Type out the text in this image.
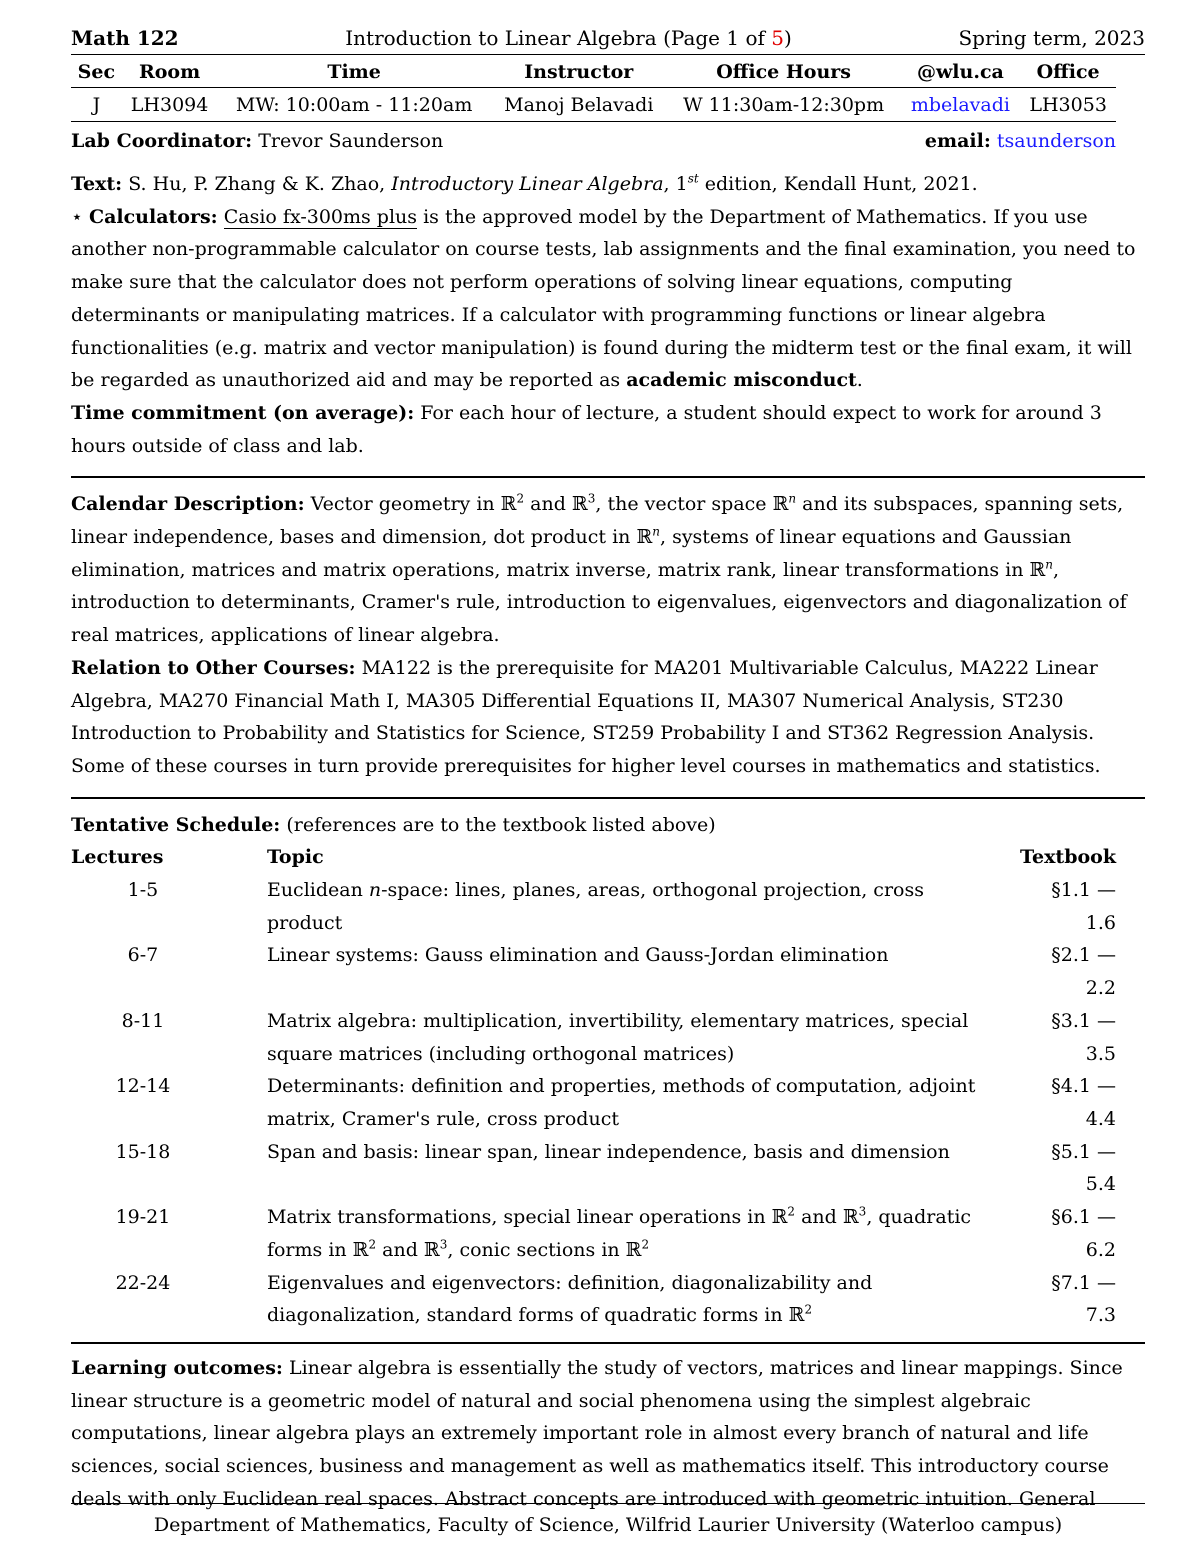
Math 122	Introduction to Linear Algebra (Page 1 of 5)	Spring term, 2023
Sec	Room	Time	Instructor	Office Hours	@wlu.ca	Office
J	LH3094	MW: 10:00am - 11:20am	Manoj Belavadi	W 11:30am-12:30pm	mbelavadi	LH3053
Lab Coordinator: Trevor Saunderson	email: tsaunderson
Text: S. Hu, P. Zhang & K. Zhao, Introductory Linear Algebra, 1st edition, Kendall Hunt, 2021.
⋆ Calculators: Casio fx-300ms plus is the approved model by the Department of Mathematics. If you use another non-programmable calculator on course tests, lab assignments and the final examination, you need to make sure that the calculator does not perform operations of solving linear equations, computing determinants or manipulating matrices. If a calculator with programming functions or linear algebra functionalities (e.g. matrix and vector manipulation) is found during the midterm test or the final exam, it will be regarded as unauthorized aid and may be reported as academic misconduct.
Time commitment (on average): For each hour of lecture, a student should expect to work for around 3 hours outside of class and lab.
Calendar Description: Vector geometry in ℝ$^2$ and ℝ$^3$, the vector space ℝ$^n$ and its subspaces, spanning sets, linear independence, bases and dimension, dot product in ℝ$^n$, systems of linear equations and Gaussian elimination, matrices and matrix operations, matrix inverse, matrix rank, linear transformations in ℝ$^n$, introduction to determinants, Cramer's rule, introduction to eigenvalues, eigenvectors and diagonalization of real matrices, applications of linear algebra.
Relation to Other Courses: MA122 is the prerequisite for MA201 Multivariable Calculus, MA222 Linear Algebra, MA270 Financial Math I, MA305 Differential Equations II, MA307 Numerical Analysis, ST230 Introduction to Probability and Statistics for Science, ST259 Probability I and ST362 Regression Analysis. Some of these courses in turn provide prerequisites for higher level courses in mathematics and statistics.
Tentative Schedule: (references are to the textbook listed above)
Lectures	Topic	Textbook
1-5	Euclidean n-space: lines, planes, areas, orthogonal projection, cross product	§1.1 — 1.6
6-7	Linear systems: Gauss elimination and Gauss-Jordan elimination	§2.1 — 2.2
8-11	Matrix algebra: multiplication, invertibility, elementary matrices, special square matrices (including orthogonal matrices)	§3.1 — 3.5
12-14	Determinants: definition and properties, methods of computation, adjoint matrix, Cramer's rule, cross product	§4.1 — 4.4
15-18	Span and basis: linear span, linear independence, basis and dimension	§5.1 — 5.4
19-21	Matrix transformations, special linear operations in ℝ$^2$ and ℝ$^3$, quadratic forms in ℝ$^2$ and ℝ$^3$, conic sections in ℝ$^2$	§6.1 — 6.2
22-24	Eigenvalues and eigenvectors: definition, diagonalizability and diagonalization, standard forms of quadratic forms in ℝ$^2$	§7.1 — 7.3
Learning outcomes: Linear algebra is essentially the study of vectors, matrices and linear mappings. Since linear structure is a geometric model of natural and social phenomena using the simplest algebraic computations, linear algebra plays an extremely important role in almost every branch of natural and life sciences, social sciences, business and management as well as mathematics itself. This introductory course deals with only Euclidean real spaces. Abstract concepts are introduced with geometric intuition. General
Department of Mathematics, Faculty of Science, Wilfrid Laurier University (Waterloo campus)
